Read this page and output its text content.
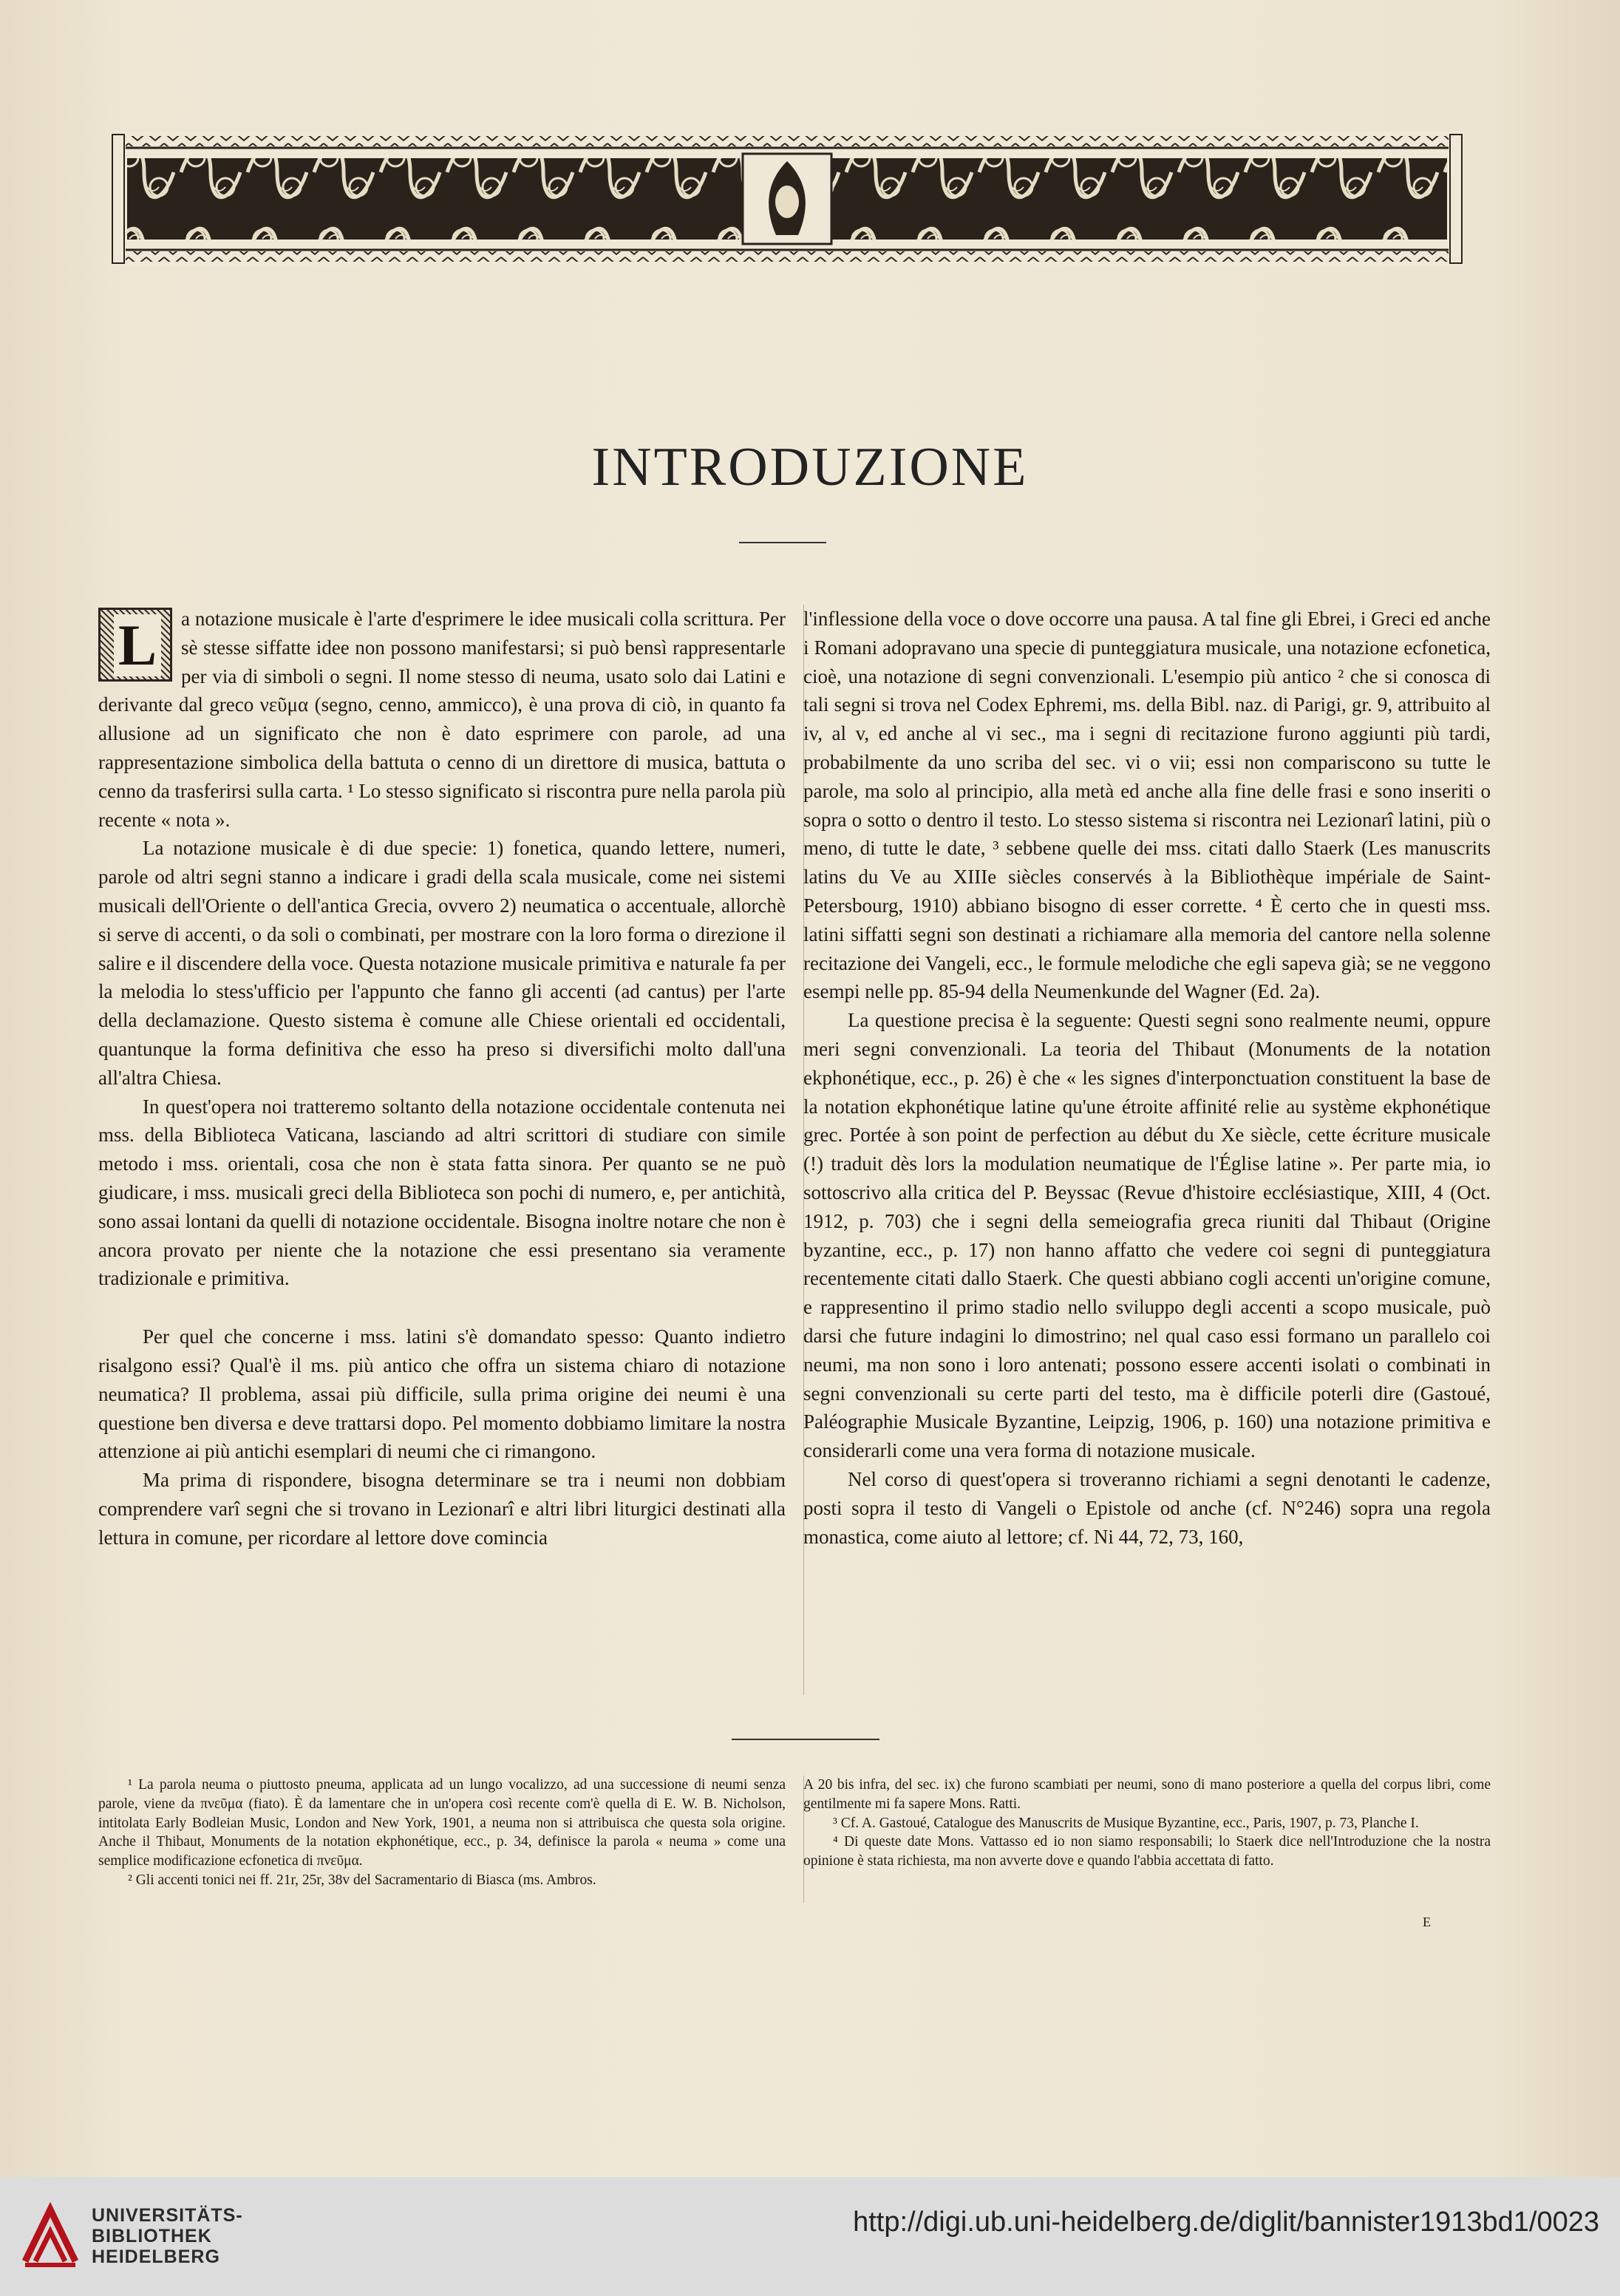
INTRODUZIONE
L	a notazione musicale è l'arte d'esprimere le idee musicali colla scrittura. Per sè stesse siffatte idee non possono manifestarsi; si può bensì rappresentarle per via di simboli o segni. Il nome stesso di neuma, usato solo dai Latini e derivante dal greco νεῦμα (segno, cenno, ammicco), è una prova di ciò, in quanto fa allusione ad un significato che non è dato esprimere con parole, ad una rappresentazione simbolica della battuta o cenno di un direttore di musica, battuta o cenno da trasferirsi sulla carta. ¹ Lo stesso significato si riscontra pure nella parola più recente « nota ».

La notazione musicale è di due specie: 1) fonetica, quando lettere, numeri, parole od altri segni stanno a indicare i gradi della scala musicale, come nei sistemi musicali dell'Oriente o dell'antica Grecia, ovvero 2) neumatica o accentuale, allorchè si serve di accenti, o da soli o combinati, per mostrare con la loro forma o direzione il salire e il discendere della voce. Questa notazione musicale primitiva e naturale fa per la melodia lo stess'ufficio per l'appunto che fanno gli accenti (ad cantus) per l'arte della declamazione. Questo sistema è comune alle Chiese orientali ed occidentali, quantunque la forma definitiva che esso ha preso si diversifichi molto dall'una all'altra Chiesa.

In quest'opera noi tratteremo soltanto della notazione occidentale contenuta nei mss. della Biblioteca Vaticana, lasciando ad altri scrittori di studiare con simile metodo i mss. orientali, cosa che non è stata fatta sinora. Per quanto se ne può giudicare, i mss. musicali greci della Biblioteca son pochi di numero, e, per antichità, sono assai lontani da quelli di notazione occidentale. Bisogna inoltre notare che non è ancora provato per niente che la notazione che essi presentano sia veramente tradizionale e primitiva.

Per quel che concerne i mss. latini s'è domandato spesso: Quanto indietro risalgono essi? Qual'è il ms. più antico che offra un sistema chiaro di notazione neumatica? Il problema, assai più difficile, sulla prima origine dei neumi è una questione ben diversa e deve trattarsi dopo. Pel momento dobbiamo limitare la nostra attenzione ai più antichi esemplari di neumi che ci rimangono.

Ma prima di rispondere, bisogna determinare se tra i neumi non dobbiam comprendere varî segni che si trovano in Lezionarî e altri libri liturgici destinati alla lettura in comune, per ricordare al lettore dove comincia

l'inflessione della voce o dove occorre una pausa. A tal fine gli Ebrei, i Greci ed anche i Romani adopravano una specie di punteggiatura musicale, una notazione ecfonetica, cioè, una notazione di segni convenzionali. L'esempio più antico ² che si conosca di tali segni si trova nel Codex Ephremi, ms. della Bibl. naz. di Parigi, gr. 9, attribuito al iv, al v, ed anche al vi sec., ma i segni di recitazione furono aggiunti più tardi, probabilmente da uno scriba del sec. vi o vii; essi non compariscono su tutte le parole, ma solo al principio, alla metà ed anche alla fine delle frasi e sono inseriti o sopra o sotto o dentro il testo. Lo stesso sistema si riscontra nei Lezionarî latini, più o meno, di tutte le date, ³ sebbene quelle dei mss. citati dallo Staerk (Les manuscrits latins du Ve au XIIIe siècles conservés à la Bibliothèque impériale de Saint-Petersbourg, 1910) abbiano bisogno di esser corrette. ⁴ È certo che in questi mss. latini siffatti segni son destinati a richiamare alla memoria del cantore nella solenne recitazione dei Vangeli, ecc., le formule melodiche che egli sapeva già; se ne veggono esempi nelle pp. 85-94 della Neumenkunde del Wagner (Ed. 2a).

La questione precisa è la seguente: Questi segni sono realmente neumi, oppure meri segni convenzionali. La teoria del Thibaut (Monuments de la notation ekphonétique, ecc., p. 26) è che « les signes d'interponctuation constituent la base de la notation ekphonétique latine qu'une étroite affinité relie au système ekphonétique grec. Portée à son point de perfection au début du Xe siècle, cette écriture musicale (!) traduit dès lors la modulation neumatique de l'Église latine ». Per parte mia, io sottoscrivo alla critica del P. Beyssac (Revue d'histoire ecclésiastique, XIII, 4 (Oct. 1912, p. 703) che i segni della semeiografia greca riuniti dal Thibaut (Origine byzantine, ecc., p. 17) non hanno affatto che vedere coi segni di punteggiatura recentemente citati dallo Staerk. Che questi abbiano cogli accenti un'origine comune, e rappresentino il primo stadio nello sviluppo degli accenti a scopo musicale, può darsi che future indagini lo dimostrino; nel qual caso essi formano un parallelo coi neumi, ma non sono i loro antenati; possono essere accenti isolati o combinati in segni convenzionali su certe parti del testo, ma è difficile poterli dire (Gastoué, Paléographie Musicale Byzantine, Leipzig, 1906, p. 160) una notazione primitiva e considerarli come una vera forma di notazione musicale.

Nel corso di quest'opera si troveranno richiami a segni denotanti le cadenze, posti sopra il testo di Vangeli o Epistole od anche (cf. N°246) sopra una regola monastica, come aiuto al lettore; cf. Ni 44, 72, 73, 160,

¹ La parola neuma o piuttosto pneuma, applicata ad un lungo vocalizzo, ad una successione di neumi senza parole, viene da πνεῦμα (fiato). È da lamentare che in un'opera così recente com'è quella di E. W. B. Nicholson, intitolata Early Bodleian Music, London and New York, 1901, a neuma non si attribuisca che questa sola origine. Anche il Thibaut, Monuments de la notation ekphonétique, ecc., p. 34, definisce la parola « neuma » come una semplice modificazione ecfonetica di πνεῦμα.

² Gli accenti tonici nei ff. 21r, 25r, 38v del Sacramentario di Biasca (ms. Ambros.

A 20 bis infra, del sec. ix) che furono scambiati per neumi, sono di mano posteriore a quella del corpus libri, come gentilmente mi fa sapere Mons. Ratti.

³ Cf. A. Gastoué, Catalogue des Manuscrits de Musique Byzantine, ecc., Paris, 1907, p. 73, Planche I.

⁴ Di queste date Mons. Vattasso ed io non siamo responsabili; lo Staerk dice nell'Introduzione che la nostra opinione è stata richiesta, ma non avverte dove e quando l'abbia accettata di fatto.

E
UNIVERSITÄTS-
BIBLIOTHEK
HEIDELBERG
http://digi.ub.uni-heidelberg.de/diglit/bannister1913bd1/0023
